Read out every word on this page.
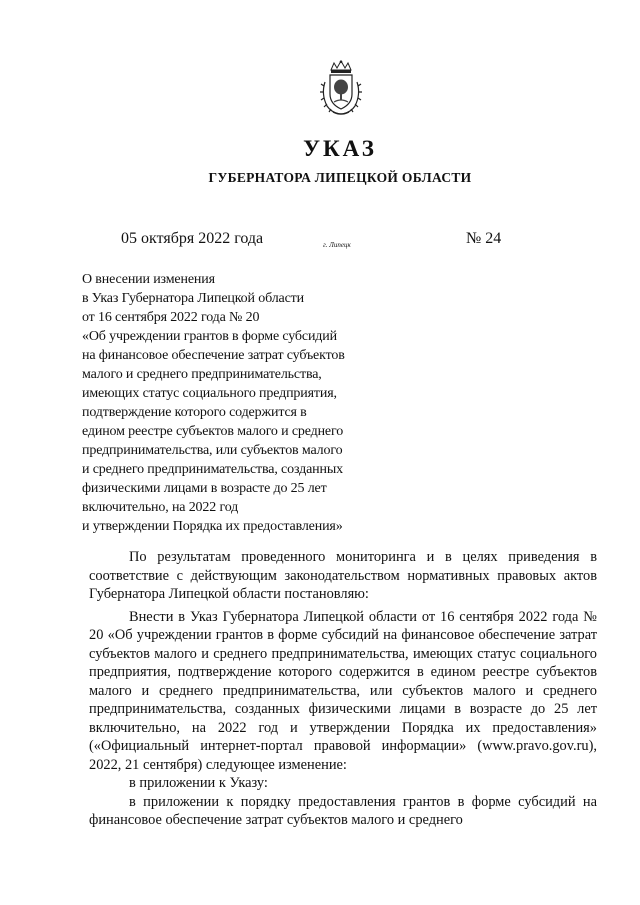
УКАЗ
ГУБЕРНАТОРА ЛИПЕЦКОЙ ОБЛАСТИ
05 октября 2022 года	г. Липецк	№ 24
О внесении изменения
в Указ Губернатора Липецкой области
от 16 сентября 2022 года № 20
«Об учреждении грантов в форме субсидий
на финансовое обеспечение затрат субъектов
малого и среднего предпринимательства,
имеющих статус социального предприятия,
подтверждение которого содержится в
едином реестре субъектов малого и среднего
предпринимательства, или субъектов малого
и среднего предпринимательства, созданных
физическими лицами в возрасте до 25 лет
включительно, на 2022 год
и утверждении Порядка их предоставления»

По результатам проведенного мониторинга и в целях приведения в соответствие с действующим законодательством нормативных правовых актов Губернатора Липецкой области постановляю:

Внести в Указ Губернатора Липецкой области от 16 сентября 2022 года № 20 «Об учреждении грантов в форме субсидий на финансовое обеспечение затрат субъектов малого и среднего предпринимательства, имеющих статус социального предприятия, подтверждение которого содержится в едином реестре субъектов малого и среднего предпринимательства, или субъектов малого и среднего предпринимательства, созданных физическими лицами в возрасте до 25 лет включительно, на 2022 год и утверждении Порядка их предоставления» («Официальный интернет-портал правовой информации» (www.pravo.gov.ru), 2022, 21 сентября) следующее изменение:

в приложении к Указу:

в приложении к порядку предоставления грантов в форме субсидий на финансовое обеспечение затрат субъектов малого и среднего
